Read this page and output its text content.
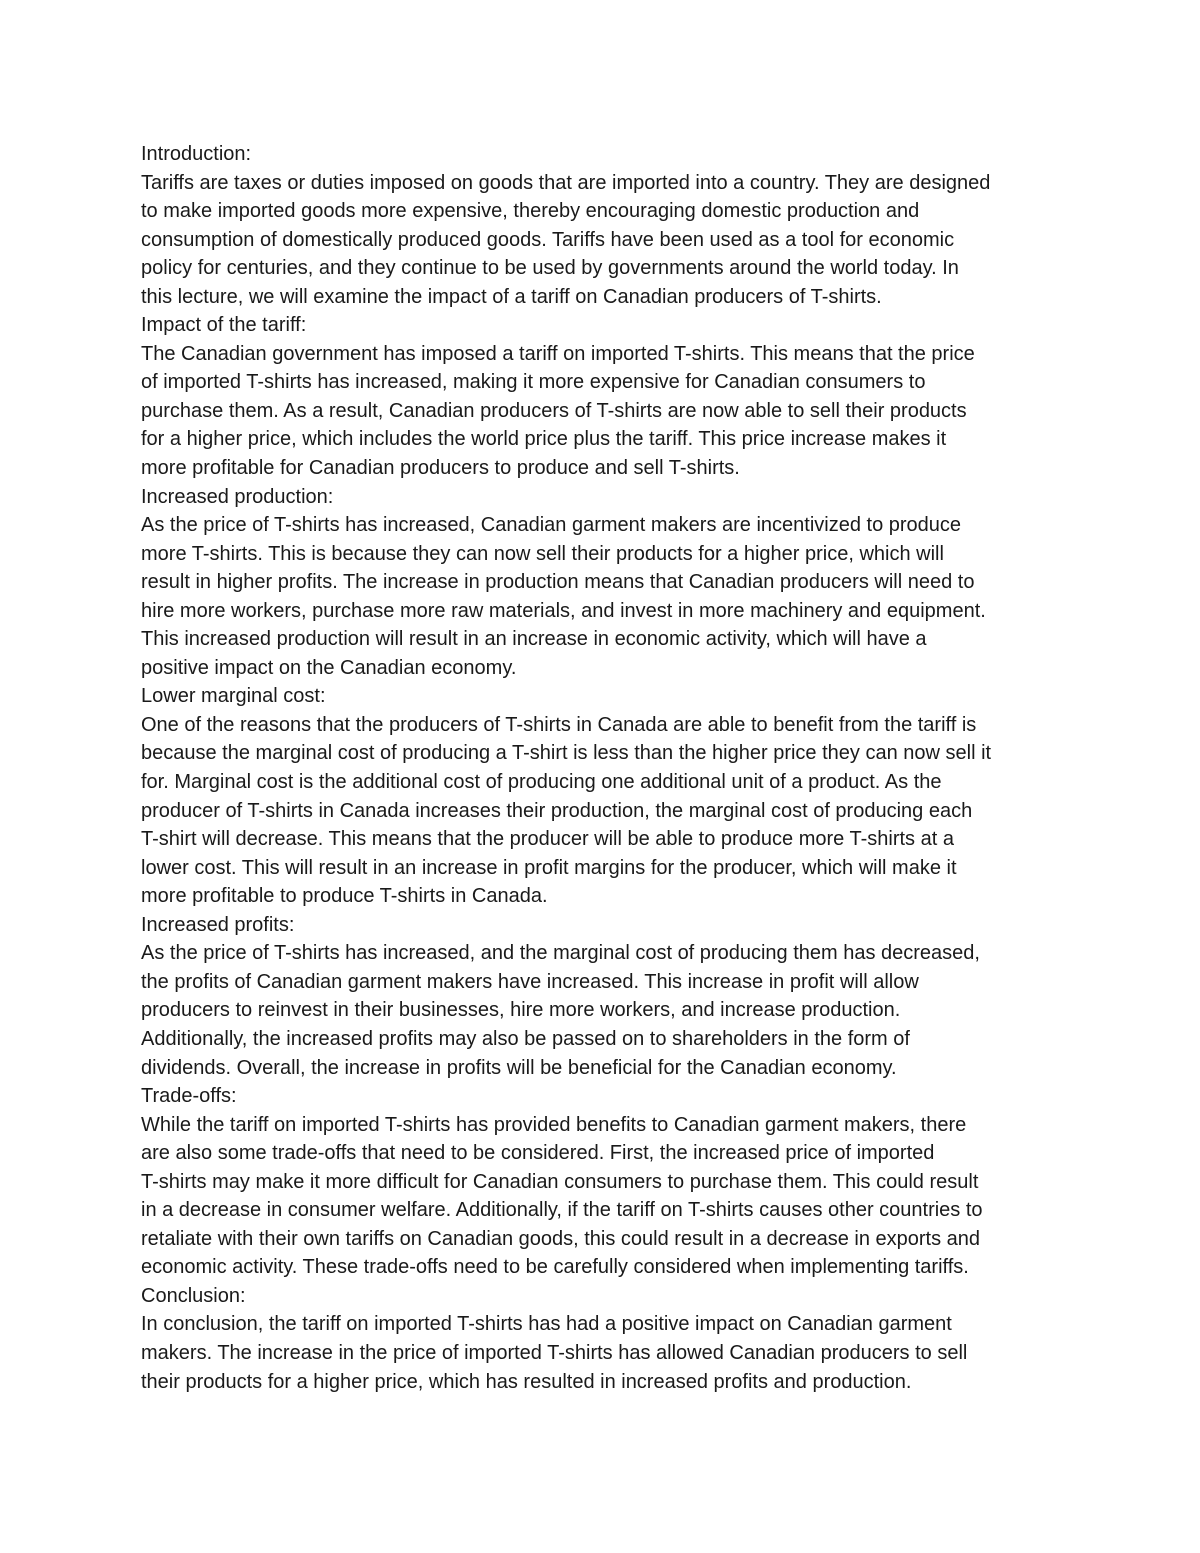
Introduction:
Tariffs are taxes or duties imposed on goods that are imported into a country. They are designed
to make imported goods more expensive, thereby encouraging domestic production and
consumption of domestically produced goods. Tariffs have been used as a tool for economic
policy for centuries, and they continue to be used by governments around the world today. In
this lecture, we will examine the impact of a tariff on Canadian producers of T-shirts.
Impact of the tariff:
The Canadian government has imposed a tariff on imported T-shirts. This means that the price
of imported T-shirts has increased, making it more expensive for Canadian consumers to
purchase them. As a result, Canadian producers of T-shirts are now able to sell their products
for a higher price, which includes the world price plus the tariff. This price increase makes it
more profitable for Canadian producers to produce and sell T-shirts.
Increased production:
As the price of T-shirts has increased, Canadian garment makers are incentivized to produce
more T-shirts. This is because they can now sell their products for a higher price, which will
result in higher profits. The increase in production means that Canadian producers will need to
hire more workers, purchase more raw materials, and invest in more machinery and equipment.
This increased production will result in an increase in economic activity, which will have a
positive impact on the Canadian economy.
Lower marginal cost:
One of the reasons that the producers of T-shirts in Canada are able to benefit from the tariff is
because the marginal cost of producing a T-shirt is less than the higher price they can now sell it
for. Marginal cost is the additional cost of producing one additional unit of a product. As the
producer of T-shirts in Canada increases their production, the marginal cost of producing each
T-shirt will decrease. This means that the producer will be able to produce more T-shirts at a
lower cost. This will result in an increase in profit margins for the producer, which will make it
more profitable to produce T-shirts in Canada.
Increased profits:
As the price of T-shirts has increased, and the marginal cost of producing them has decreased,
the profits of Canadian garment makers have increased. This increase in profit will allow
producers to reinvest in their businesses, hire more workers, and increase production.
Additionally, the increased profits may also be passed on to shareholders in the form of
dividends. Overall, the increase in profits will be beneficial for the Canadian economy.
Trade-offs:
While the tariff on imported T-shirts has provided benefits to Canadian garment makers, there
are also some trade-offs that need to be considered. First, the increased price of imported
T-shirts may make it more difficult for Canadian consumers to purchase them. This could result
in a decrease in consumer welfare. Additionally, if the tariff on T-shirts causes other countries to
retaliate with their own tariffs on Canadian goods, this could result in a decrease in exports and
economic activity. These trade-offs need to be carefully considered when implementing tariffs.
Conclusion:
In conclusion, the tariff on imported T-shirts has had a positive impact on Canadian garment
makers. The increase in the price of imported T-shirts has allowed Canadian producers to sell
their products for a higher price, which has resulted in increased profits and production.
